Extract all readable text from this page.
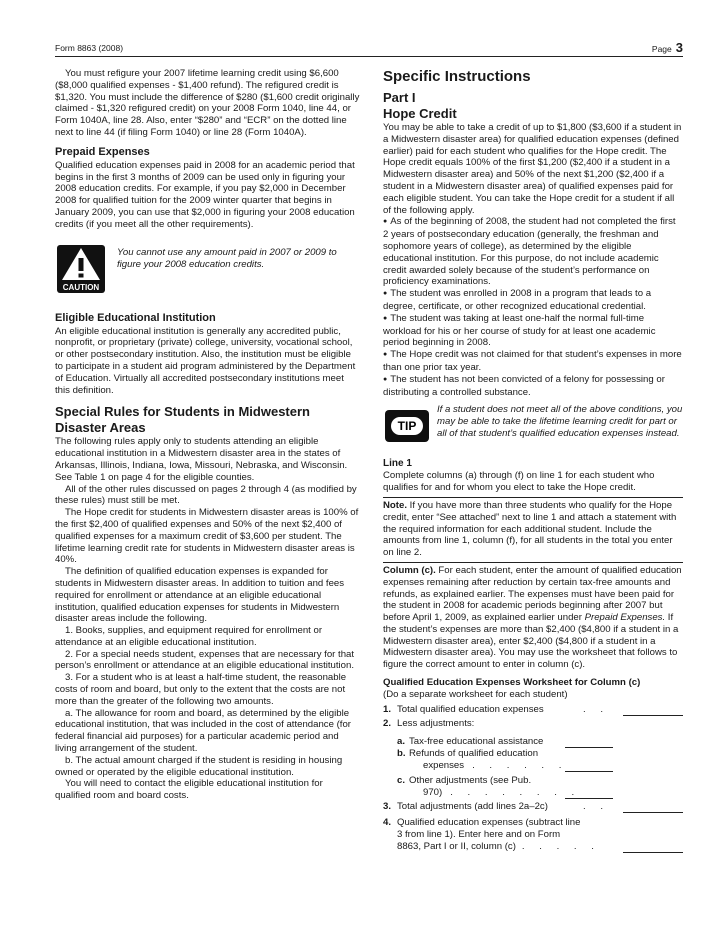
Form 8863 (2008)	Page 3

You must refigure your 2007 lifetime learning credit using $6,600 ($8,000 qualified expenses - $1,400 refund). The refigured credit is $1,320. You must include the difference of $280 ($1,600 credit originally claimed - $1,320 refigured credit) on your 2008 Form 1040, line 44, or Form 1040A, line 28. Also, enter “$280” and “ECR” on the dotted line next to line 44 (if filing Form 1040) or line 28 (Form 1040A).

Prepaid Expenses

Qualified education expenses paid in 2008 for an academic period that begins in the first 3 months of 2009 can be used only in figuring your 2008 education credits. For example, if you pay $2,000 in December 2008 for qualified tuition for the 2009 winter quarter that begins in January 2009, you can use that $2,000 in figuring your 2008 education credits (if you meet all the other requirements).

CAUTION
You cannot use any amount paid in 2007 or 2009 to figure your 2008 education credits.
Eligible Educational Institution

An eligible educational institution is generally any accredited public, nonprofit, or proprietary (private) college, university, vocational school, or other postsecondary institution. Also, the institution must be eligible to participate in a student aid program administered by the Department of Education. Virtually all accredited postsecondary institutions meet this definition.

Special Rules for Students in Midwestern Disaster Areas

The following rules apply only to students attending an eligible educational institution in a Midwestern disaster area in the states of Arkansas, Illinois, Indiana, Iowa, Missouri, Nebraska, and Wisconsin. See Table 1 on page 4 for the eligible counties.

All of the other rules discussed on pages 2 through 4 (as modified by these rules) must still be met.

The Hope credit for students in Midwestern disaster areas is 100% of the first $2,400 of qualified expenses and 50% of the next $2,400 of qualified expenses for a maximum credit of $3,600 per student. The lifetime learning credit rate for students in Midwestern disaster areas is 40%.

The definition of qualified education expenses is expanded for students in Midwestern disaster areas. In addition to tuition and fees required for enrollment or attendance at an eligible educational institution, qualified education expenses for students in Midwestern disaster areas include the following.

1. Books, supplies, and equipment required for enrollment or attendance at an eligible educational institution.

2. For a special needs student, expenses that are necessary for that person’s enrollment or attendance at an eligible educational institution.

3. For a student who is at least a half-time student, the reasonable costs of room and board, but only to the extent that the costs are not more than the greater of the following two amounts.

a. The allowance for room and board, as determined by the eligible educational institution, that was included in the cost of attendance (for federal financial aid purposes) for a particular academic period and living arrangement of the student.

b. The actual amount charged if the student is residing in housing owned or operated by the eligible educational institution.

You will need to contact the eligible educational institution for qualified room and board costs.

Specific Instructions
Part I
Hope Credit

You may be able to take a credit of up to $1,800 ($3,600 if a student in a Midwestern disaster area) for qualified education expenses (defined earlier) paid for each student who qualifies for the Hope credit. The Hope credit equals 100% of the first $1,200 ($2,400 if a student in a Midwestern disaster area) and 50% of the next $1,200 ($2,400 if a student in a Midwestern disaster area) of qualified expenses paid for each eligible student. You can take the Hope credit for a student if all of the following apply.

● As of the beginning of 2008, the student had not completed the first 2 years of postsecondary education (generally, the freshman and sophomore years of college), as determined by the eligible educational institution. For this purpose, do not include academic credit awarded solely because of the student’s performance on proficiency examinations.

● The student was enrolled in 2008 in a program that leads to a degree, certificate, or other recognized educational credential.

● The student was taking at least one-half the normal full-time workload for his or her course of study for at least one academic period beginning in 2008.

● The Hope credit was not claimed for that student’s expenses in more than one prior tax year.

● The student has not been convicted of a felony for possessing or distributing a controlled substance.

TIP
If a student does not meet all of the above conditions, you may be able to take the lifetime learning credit for part or all of that student’s qualified education expenses instead.
Line 1

Complete columns (a) through (f) on line 1 for each student who qualifies for and for whom you elect to take the Hope credit.

Note. If you have more than three students who qualify for the Hope credit, enter “See attached” next to line 1 and attach a statement with the required information for each additional student. Include the amounts from line 1, column (f), for all students in the total you enter on line 2.

Column (c). For each student, enter the amount of qualified education expenses remaining after reduction by certain tax-free amounts and refunds, as explained earlier. The expenses must have been paid for the student in 2008 for academic periods beginning after 2007 but before April 1, 2009, as explained earlier under Prepaid Expenses. If the student’s expenses are more than $2,400 ($4,800 if a student in a Midwestern disaster area), enter $2,400 ($4,800 if a student in a Midwestern disaster area). You may use the worksheet that follows to figure the correct amount to enter in column (c).

Qualified Education Expenses Worksheet for Column (c)
(Do a separate worksheet for each student)
1. Total qualified education expenses	. .
2. Less adjustments:
a. Tax-free educational assistance
b. Refunds of qualified education
expenses . . . . . .
c. Other adjustments (see Pub.
970) . . . . . . . .
3. Total adjustments (add lines 2a–2c)	. .
4. Qualified education expenses (subtract line
3 from line 1). Enter here and on Form
8863, Part I or II, column (c) . . . . .
